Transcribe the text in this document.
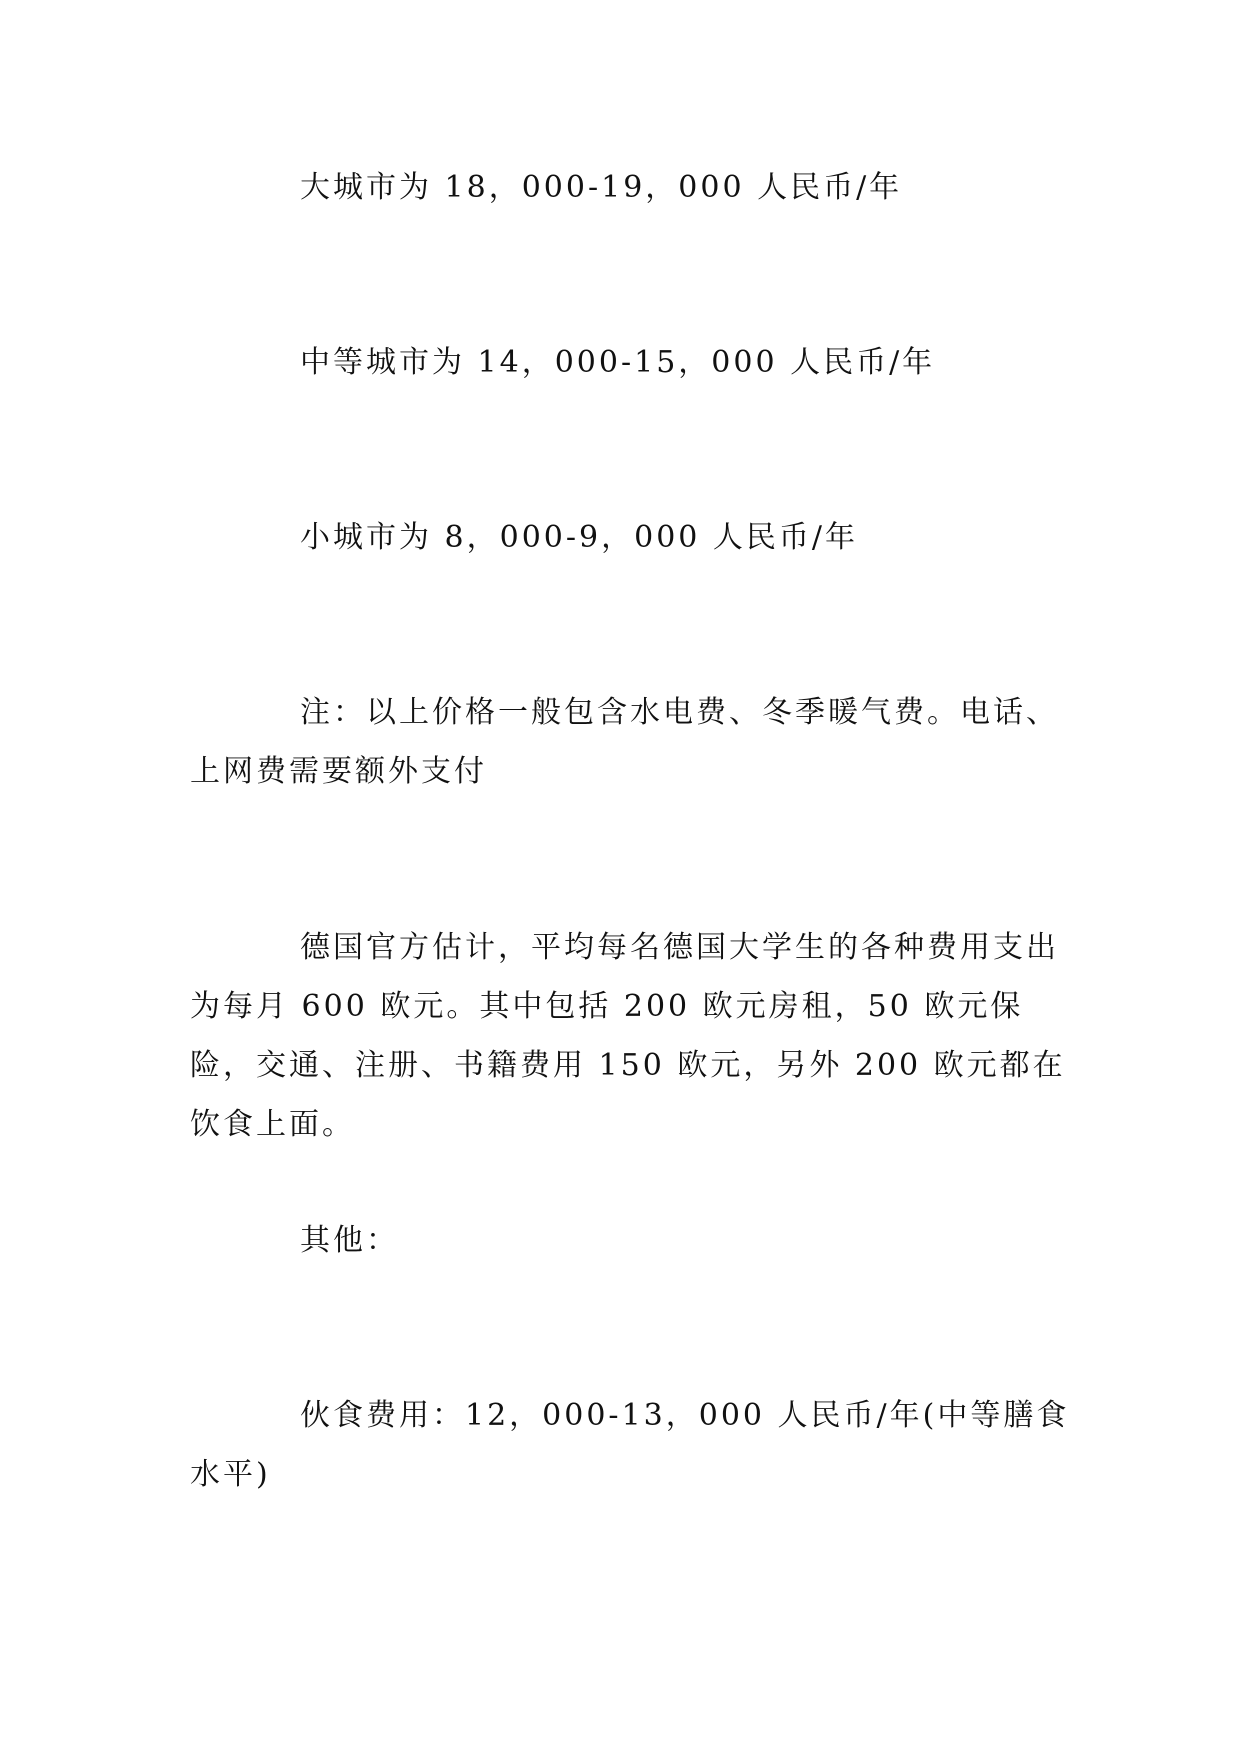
大城市为 18，000-19，000 人民币/年

中等城市为 14，000-15，000 人民币/年

小城市为 8，000-9，000 人民币/年

注：以上价格一般包含水电费、冬季暖气费。电话、上网费需要额外支付

德国官方估计，平均每名德国大学生的各种费用支出为每月 600 欧元。其中包括 200 欧元房租，50 欧元保险，交通、注册、书籍费用 150 欧元，另外 200 欧元都在饮食上面。

其他：

伙食费用：12，000-13，000 人民币/年(中等膳食水平)
